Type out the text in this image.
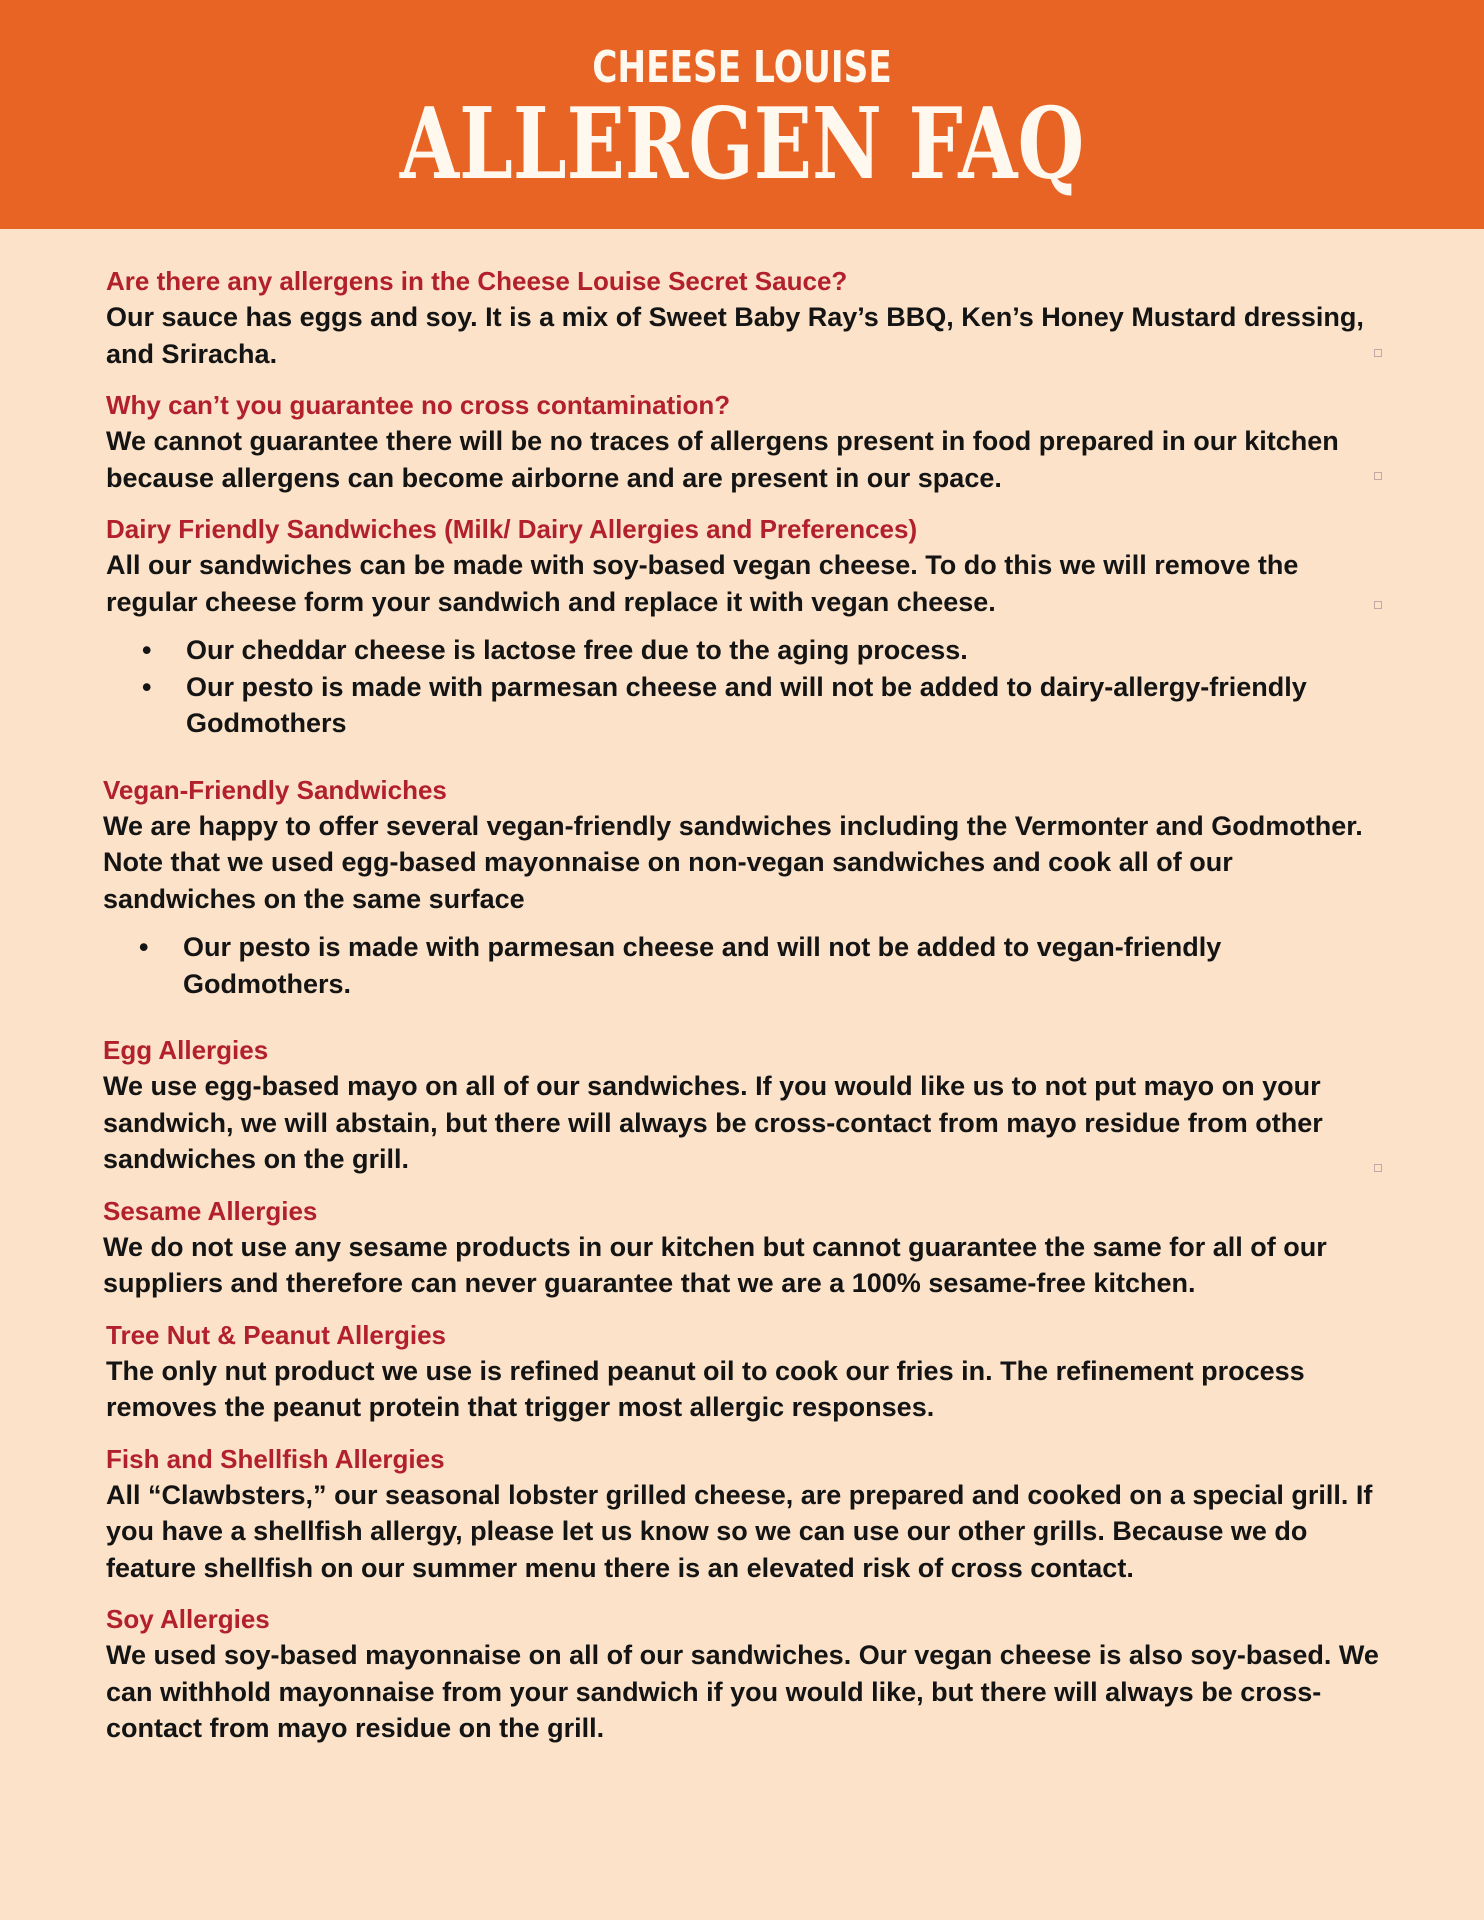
CHEESE LOUISE
ALLERGEN FAQ

Are there any allergens in the Cheese Louise Secret Sauce?

Our sauce has eggs and soy. It is a mix of Sweet Baby Ray’s BBQ, Ken’s Honey Mustard dressing, and Sriracha.

Why can’t you guarantee no cross contamination?

We cannot guarantee there will be no traces of allergens present in food prepared in our kitchen because allergens can become airborne and are present in our space.

Dairy Friendly Sandwiches (Milk/ Dairy Allergies and Preferences)

All our sandwiches can be made with soy-based vegan cheese. To do this we will remove the regular cheese form your sandwich and replace it with vegan cheese.

• Our cheddar cheese is lactose free due to the aging process.
• Our pesto is made with parmesan cheese and will not be added to dairy-allergy-friendly Godmothers

Vegan-Friendly Sandwiches

We are happy to offer several vegan-friendly sandwiches including the Vermonter and Godmother. Note that we used egg-based mayonnaise on non-vegan sandwiches and cook all of our sandwiches on the same surface

• Our pesto is made with parmesan cheese and will not be added to vegan-friendly Godmothers.

Egg Allergies

We use egg-based mayo on all of our sandwiches. If you would like us to not put mayo on your sandwich, we will abstain, but there will always be cross-contact from mayo residue from other sandwiches on the grill.

Sesame Allergies

We do not use any sesame products in our kitchen but cannot guarantee the same for all of our suppliers and therefore can never guarantee that we are a 100% sesame-free kitchen.

Tree Nut & Peanut Allergies

The only nut product we use is refined peanut oil to cook our fries in. The refinement process removes the peanut protein that trigger most allergic responses.

Fish and Shellfish Allergies

All “Clawbsters,” our seasonal lobster grilled cheese, are prepared and cooked on a special grill. If you have a shellfish allergy, please let us know so we can use our other grills. Because we do feature shellfish on our summer menu there is an elevated risk of cross contact.

Soy Allergies

We used soy-based mayonnaise on all of our sandwiches. Our vegan cheese is also soy-based. We can withhold mayonnaise from your sandwich if you would like, but there will always be cross-contact from mayo residue on the grill.
